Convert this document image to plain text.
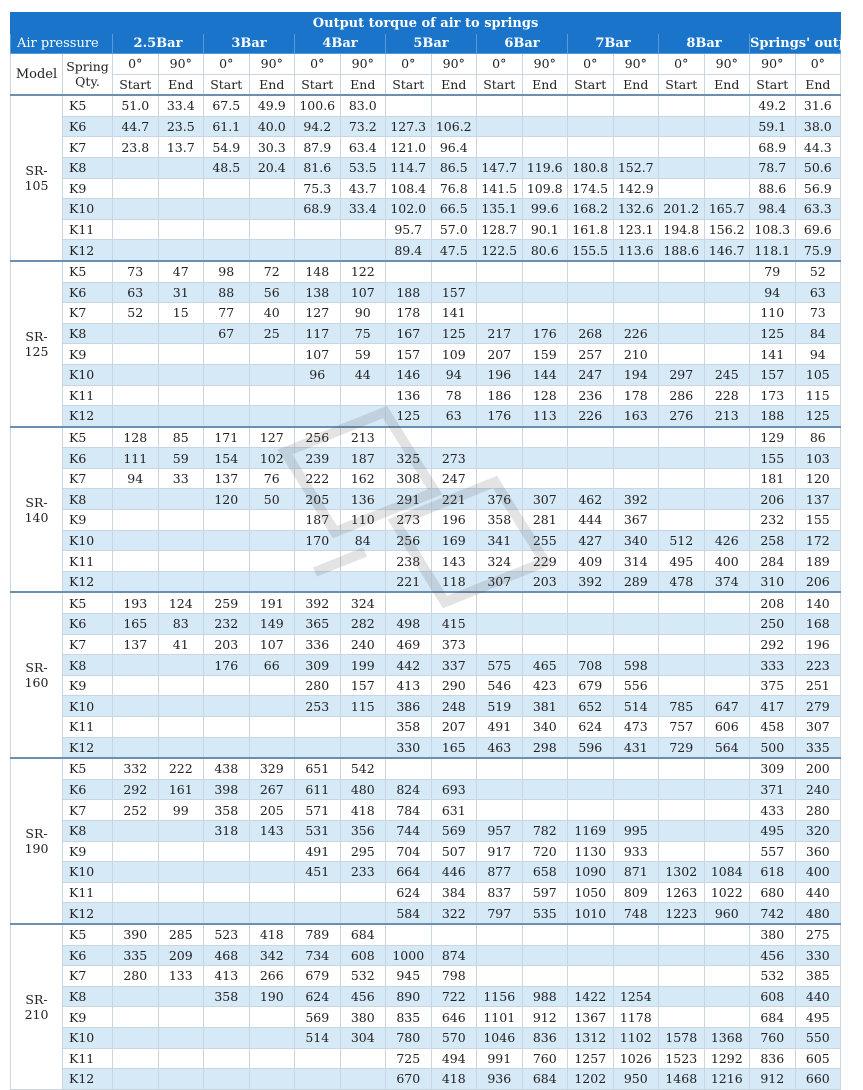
Output torque of air to springs																	
Air pressure		2.5Bar		3Bar		4Bar		5Bar		6Bar		7Bar		8Bar		Springs' output	
Model	Spring Qty.	0°	90°	0°	90°	0°	90°	0°	90°	0°	90°	0°	90°	0°	90°	90°	0°
		Start	End	Start	End	Start	End	Start	End	Start	End	Start	End	Start	End	Start	End
SR-
105	K5	51.0	33.4	67.5	49.9	100.6	83.0									49.2	31.6
	K6	44.7	23.5	61.1	40.0	94.2	73.2	127.3	106.2							59.1	38.0
	K7	23.8	13.7	54.9	30.3	87.9	63.4	121.0	96.4							68.9	44.3
	K8			48.5	20.4	81.6	53.5	114.7	86.5	147.7	119.6	180.8	152.7			78.7	50.6
	K9					75.3	43.7	108.4	76.8	141.5	109.8	174.5	142.9			88.6	56.9
	K10					68.9	33.4	102.0	66.5	135.1	99.6	168.2	132.6	201.2	165.7	98.4	63.3
	K11							95.7	57.0	128.7	90.1	161.8	123.1	194.8	156.2	108.3	69.6
	K12							89.4	47.5	122.5	80.6	155.5	113.6	188.6	146.7	118.1	75.9
SR-
125	K5	73	47	98	72	148	122									79	52
	K6	63	31	88	56	138	107	188	157							94	63
	K7	52	15	77	40	127	90	178	141							110	73
	K8			67	25	117	75	167	125	217	176	268	226			125	84
	K9					107	59	157	109	207	159	257	210			141	94
	K10					96	44	146	94	196	144	247	194	297	245	157	105
	K11							136	78	186	128	236	178	286	228	173	115
	K12							125	63	176	113	226	163	276	213	188	125
SR-
140	K5	128	85	171	127	256	213									129	86
	K6	111	59	154	102	239	187	325	273							155	103
	K7	94	33	137	76	222	162	308	247							181	120
	K8			120	50	205	136	291	221	376	307	462	392			206	137
	K9					187	110	273	196	358	281	444	367			232	155
	K10					170	84	256	169	341	255	427	340	512	426	258	172
	K11							238	143	324	229	409	314	495	400	284	189
	K12							221	118	307	203	392	289	478	374	310	206
SR-
160	K5	193	124	259	191	392	324									208	140
	K6	165	83	232	149	365	282	498	415							250	168
	K7	137	41	203	107	336	240	469	373							292	196
	K8			176	66	309	199	442	337	575	465	708	598			333	223
	K9					280	157	413	290	546	423	679	556			375	251
	K10					253	115	386	248	519	381	652	514	785	647	417	279
	K11							358	207	491	340	624	473	757	606	458	307
	K12							330	165	463	298	596	431	729	564	500	335
SR-
190	K5	332	222	438	329	651	542									309	200
	K6	292	161	398	267	611	480	824	693							371	240
	K7	252	99	358	205	571	418	784	631							433	280
	K8			318	143	531	356	744	569	957	782	1169	995			495	320
	K9					491	295	704	507	917	720	1130	933			557	360
	K10					451	233	664	446	877	658	1090	871	1302	1084	618	400
	K11							624	384	837	597	1050	809	1263	1022	680	440
	K12							584	322	797	535	1010	748	1223	960	742	480
SR-
210	K5	390	285	523	418	789	684									380	275
	K6	335	209	468	342	734	608	1000	874							456	330
	K7	280	133	413	266	679	532	945	798							532	385
	K8			358	190	624	456	890	722	1156	988	1422	1254			608	440
	K9					569	380	835	646	1101	912	1367	1178			684	495
	K10					514	304	780	570	1046	836	1312	1102	1578	1368	760	550
	K11							725	494	991	760	1257	1026	1523	1292	836	605
	K12							670	418	936	684	1202	950	1468	1216	912	660
